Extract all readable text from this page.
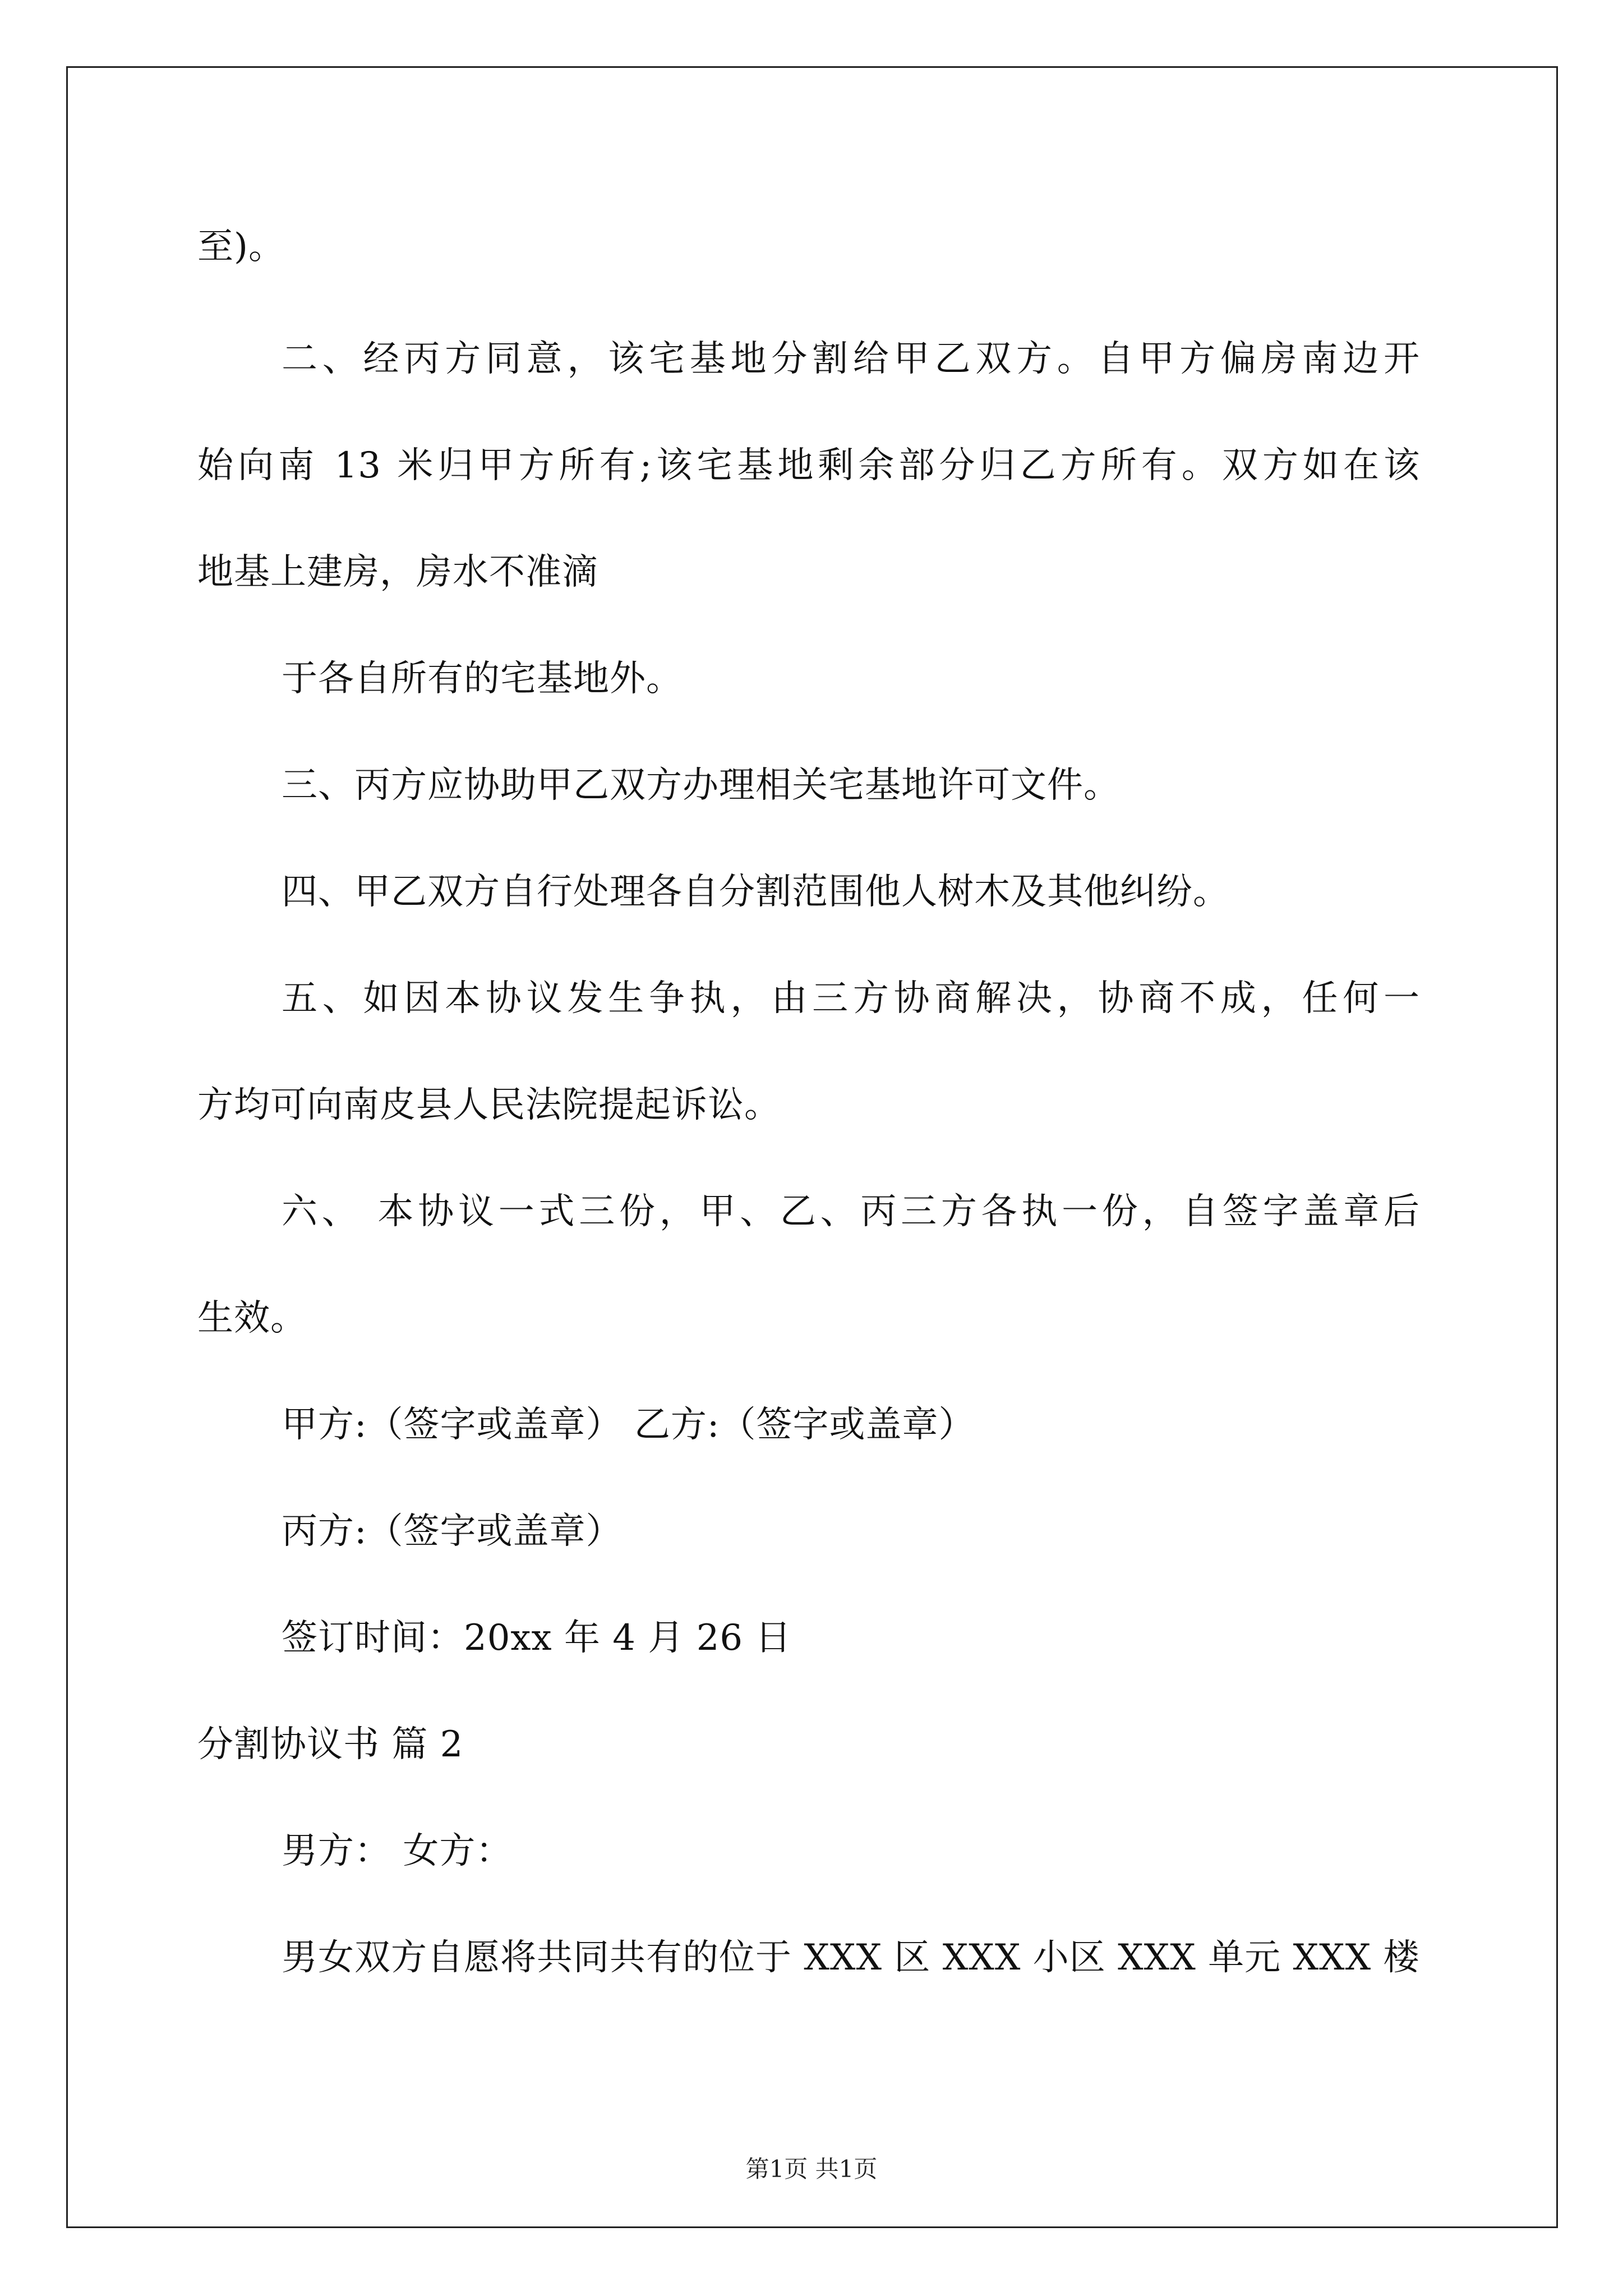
至)。
二、经丙方同意，该宅基地分割给甲乙双方。自甲方偏房南边开
始向南 13 米归甲方所有;该宅基地剩余部分归乙方所有。双方如在该
地基上建房，房水不准滴
于各自所有的宅基地外。
三、丙方应协助甲乙双方办理相关宅基地许可文件。
四、甲乙双方自行处理各自分割范围他人树木及其他纠纷。
五、如因本协议发生争执，由三方协商解决，协商不成，任何一
方均可向南皮县人民法院提起诉讼。
六、 本协议一式三份，甲、乙、丙三方各执一份，自签字盖章后
生效。
甲方:（签字或盖章） 乙方:（签字或盖章）
丙方:（签字或盖章）
签订时间：20xx 年 4 月 26 日
分割协议书 篇 2
男方： 女方：
男女双方自愿将共同共有的位于 XXX 区 XXX 小区 XXX 单元 XXX 楼
第1页 共1页
